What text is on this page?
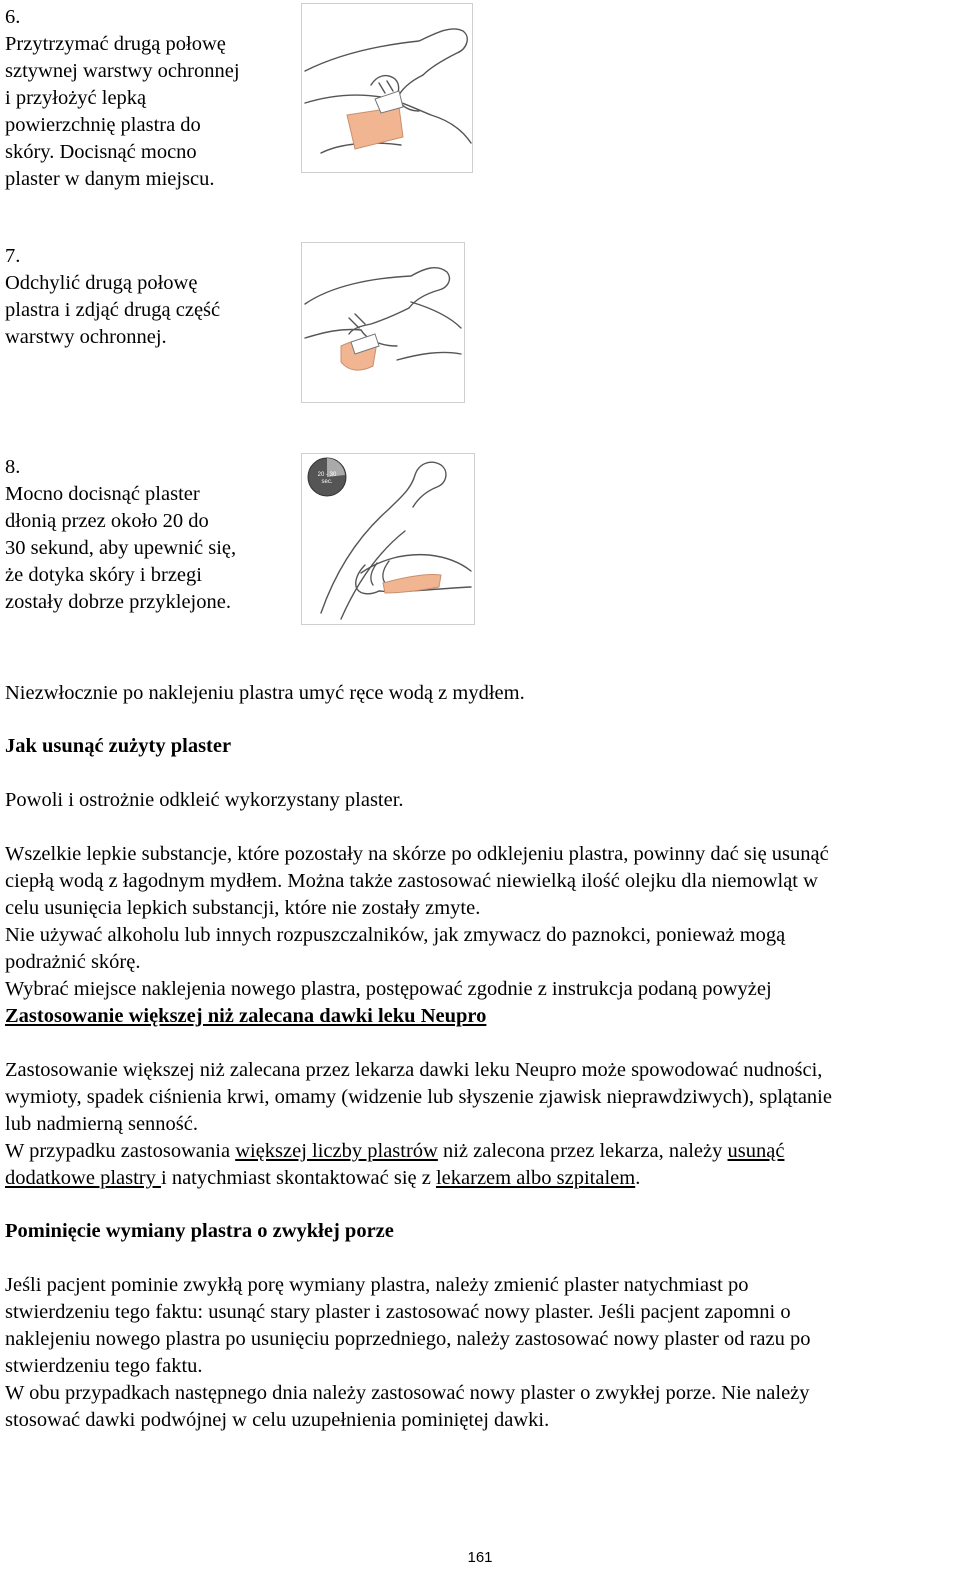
6.

Przytrzymać drugą połowę

sztywnej warstwy ochronnej

i przyłożyć lepką

powierzchnię plastra do

skóry. Docisnąć mocno

plaster w danym miejscu.

7.

Odchylić drugą połowę

plastra i zdjąć drugą część

warstwy ochronnej.

8.

Mocno docisnąć plaster

dłonią przez około 20 do

30 sekund, aby upewnić się,

że dotyka skóry i brzegi

zostały dobrze przyklejone.

20 - 30
sec.

Niezwłocznie po naklejeniu plastra umyć ręce wodą z mydłem.

Jak usunąć zużyty plaster

Powoli i ostrożnie odkleić wykorzystany plaster.

Wszelkie lepkie substancje, które pozostały na skórze po odklejeniu plastra, powinny dać się usunąć

ciepłą wodą z łagodnym mydłem. Można także zastosować niewielką ilość olejku dla niemowląt w

celu usunięcia lepkich substancji, które nie zostały zmyte.

Nie używać alkoholu lub innych rozpuszczalników, jak zmywacz do paznokci, ponieważ mogą

podrażnić skórę.

Wybrać miejsce naklejenia nowego plastra, postępować zgodnie z instrukcja podaną powyżej

Zastosowanie większej niż zalecana dawki leku Neupro

Zastosowanie większej niż zalecana przez lekarza dawki leku Neupro może spowodować nudności,

wymioty, spadek ciśnienia krwi, omamy (widzenie lub słyszenie zjawisk nieprawdziwych), splątanie

lub nadmierną senność.

W przypadku zastosowania większej liczby plastrów niż zalecona przez lekarza, należy usunąć

dodatkowe plastry i natychmiast skontaktować się z lekarzem albo szpitalem.

Pominięcie wymiany plastra o zwykłej porze

Jeśli pacjent pominie zwykłą porę wymiany plastra, należy zmienić plaster natychmiast po

stwierdzeniu tego faktu: usunąć stary plaster i zastosować nowy plaster. Jeśli pacjent zapomni o

naklejeniu nowego plastra po usunięciu poprzedniego, należy zastosować nowy plaster od razu po

stwierdzeniu tego faktu.

W obu przypadkach następnego dnia należy zastosować nowy plaster o zwykłej porze. Nie należy

stosować dawki podwójnej w celu uzupełnienia pominiętej dawki.

161
